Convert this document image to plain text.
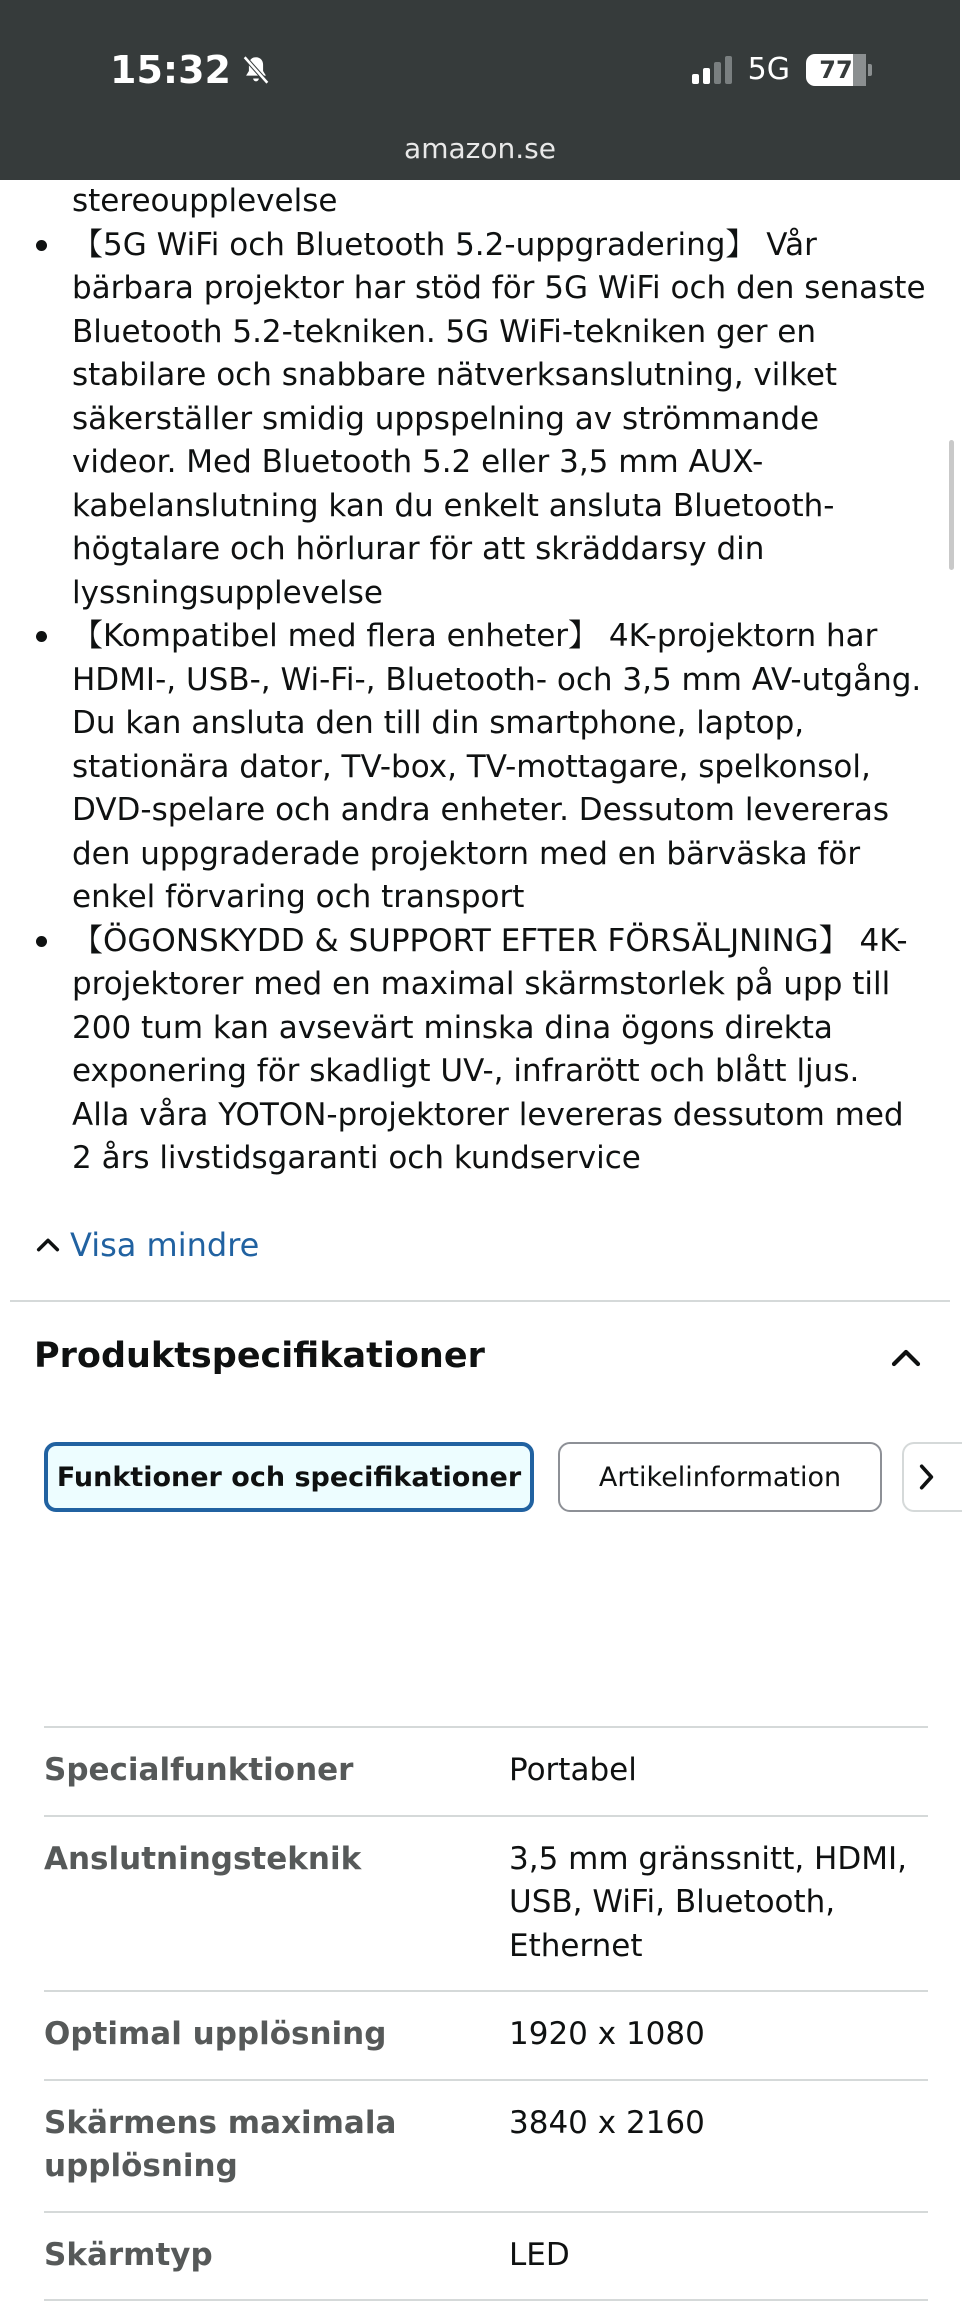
15:32	5G 77
amazon.se
stereoupplevelse
【5G WiFi och Bluetooth 5.2-uppgradering】 Vår bärbara projektor har stöd för 5G WiFi och den senaste Bluetooth 5.2-tekniken. 5G WiFi-tekniken ger en stabilare och snabbare nätverksanslutning, vilket säkerställer smidig uppspelning av strömmande videor. Med Bluetooth 5.2 eller 3,5 mm AUX-kabelanslutning kan du enkelt ansluta Bluetooth-högtalare och hörlurar för att skräddarsy din lyssningsupplevelse
【Kompatibel med flera enheter】 4K-projektorn har HDMI-, USB-, Wi-Fi-, Bluetooth- och 3,5 mm AV-utgång. Du kan ansluta den till din smartphone, laptop, stationära dator, TV-box, TV-mottagare, spelkonsol, DVD-spelare och andra enheter. Dessutom levereras den uppgraderade projektorn med en bärväska för enkel förvaring och transport
【ÖGONSKYDD & SUPPORT EFTER FÖRSÄLJNING】 4K-projektorer med en maximal skärmstorlek på upp till 200 tum kan avsevärt minska dina ögons direkta exponering för skadligt UV-, infrarött och blått ljus. Alla våra YOTON-projektorer levereras dessutom med 2 års livstidsgaranti och kundservice
Visa mindre
Produktspecifikationer
Funktioner och specifikationer	Artikelinformation
Specialfunktioner	Portabel
Anslutningsteknik	3,5 mm gränssnitt, HDMI, USB, WiFi, Bluetooth, Ethernet
Optimal upplösning	1920 x 1080
Skärmens maximala upplösning	3840 x 2160
Skärmtyp	LED
